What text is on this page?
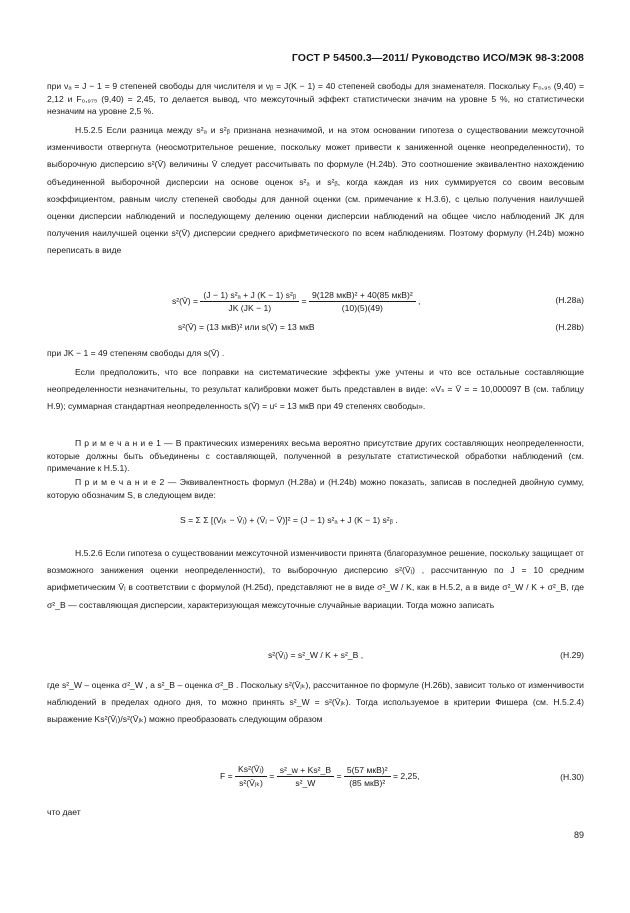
ГОСТ Р 54500.3—2011/ Руководство ИСО/МЭК 98-3:2008
при νₐ = J − 1 = 9 степеней свободы для числителя и νᵦ = J(K − 1) = 40 степеней свободы для знаменателя. Поскольку F₀,₉₅ (9,40) = 2,12 и F₀,₉₇₅ (9,40) = 2,45, то делается вывод, что межсуточный эффект статистически значим на уровне 5 %, но статистически незначим на уровне 2,5 %.
Н.5.2.5 Если разница между s²ₐ и s²ᵦ признана незначимой, и на этом основании гипотеза о существовании межсуточной изменчивости отвергнута (неосмотрительное решение, поскольку может привести к заниженной оценке неопределенности), то выборочную дисперсию s²(V̄) величины V̄ следует рассчитывать по формуле (Н.24b). Это соотношение эквивалентно нахождению объединенной выборочной дисперсии на основе оценок s²ₐ и s²ᵦ, когда каждая из них суммируется со своим весовым коэффициентом, равным числу степеней свободы для данной оценки (см. примечание к Н.3.6), с целью получения наилучшей оценки дисперсии наблюдений и последующему делению оценки дисперсии наблюдений на общее число наблюдений JK для получения наилучшей оценки s²(V̄) дисперсии среднего арифметического по всем наблюдениям. Поэтому формулу (Н.24b) можно переписать в виде
s²(V̄) = $\frac{\text{(J − 1) s²ₐ + J (K − 1) s²ᵦ}}{JK (JK - 1)} = \frac{\text{9(128 мкВ)² + 40(85 мкВ)²}}{(10)(5)(49)}$ ,	(Н.28а)
s²(V̄) = (13 мкВ)² или s(V̄) = 13 мкВ	(Н.28b)
при JK − 1 = 49 степеням свободы для s(V̄) .
Если предположить, что все поправки на систематические эффекты уже учтены и что все остальные составляющие неопределенности незначительны, то результат калибровки может быть представлен в виде: «Vₛ = V̄ = = 10,000097 В (см. таблицу Н.9); суммарная стандартная неопределенность s(V̄) = uᶜ = 13 мкВ при 49 степенях свободы».
П р и м е ч а н и е 1 — В практических измерениях весьма вероятно присутствие других составляющих неопределенности, которые должны быть объединены с составляющей, полученной в результате статистической обработки наблюдений (см. примечание к Н.5.1).
П р и м е ч а н и е 2 — Эквивалентность формул (Н.28а) и (Н.24b) можно показать, записав в последней двойную сумму, которую обозначим S, в следующем виде:
S = Σ Σ [(Vⱼₖ − V̄ⱼ) + (V̄ⱼ − V̄)]² = (J − 1) s²ₐ + J (K − 1) s²ᵦ .
Н.5.2.6 Если гипотеза о существовании межсуточной изменчивости принята (благоразумное решение, поскольку защищает от возможного занижения оценки неопределенности), то выборочную дисперсию s²(V̄ⱼ) , рассчитанную по J = 10 средним арифметическим V̄ⱼ в соответствии с формулой (Н.25d), представляют не в виде σ²_W / K, как в Н.5.2, а в виде σ²_W / K + σ²_B, где σ²_B — составляющая дисперсии, характеризующая межсуточные случайные вариации. Тогда можно записать
s²(V̄ⱼ) = s²_W / K + s²_B ,	(Н.29)
где s²_W – оценка σ²_W , а s²_B – оценка σ²_B . Поскольку s²(V̄ⱼₖ), рассчитанное по формуле (Н.26b), зависит только от изменчивости наблюдений в пределах одного дня, то можно принять s²_W = s²(V̄ⱼₖ). Тогда используемое в критерии Фишера (см. Н.5.2.4) выражение Ks²(V̄ⱼ)/s²(V̄ⱼₖ) можно преобразовать следующим образом
$F = \frac{\text{Ks²(V̄ⱼ)}}{\text{s²(V̄ⱼₖ)}} = \frac{\text{s²\_w + Ks²\_B}}{\text{s²\_W}} = \frac{\text{5(57 мкВ)²}}{\text{(85 мкВ)²}} = 2,25$,	(Н.30)
что дает
89
